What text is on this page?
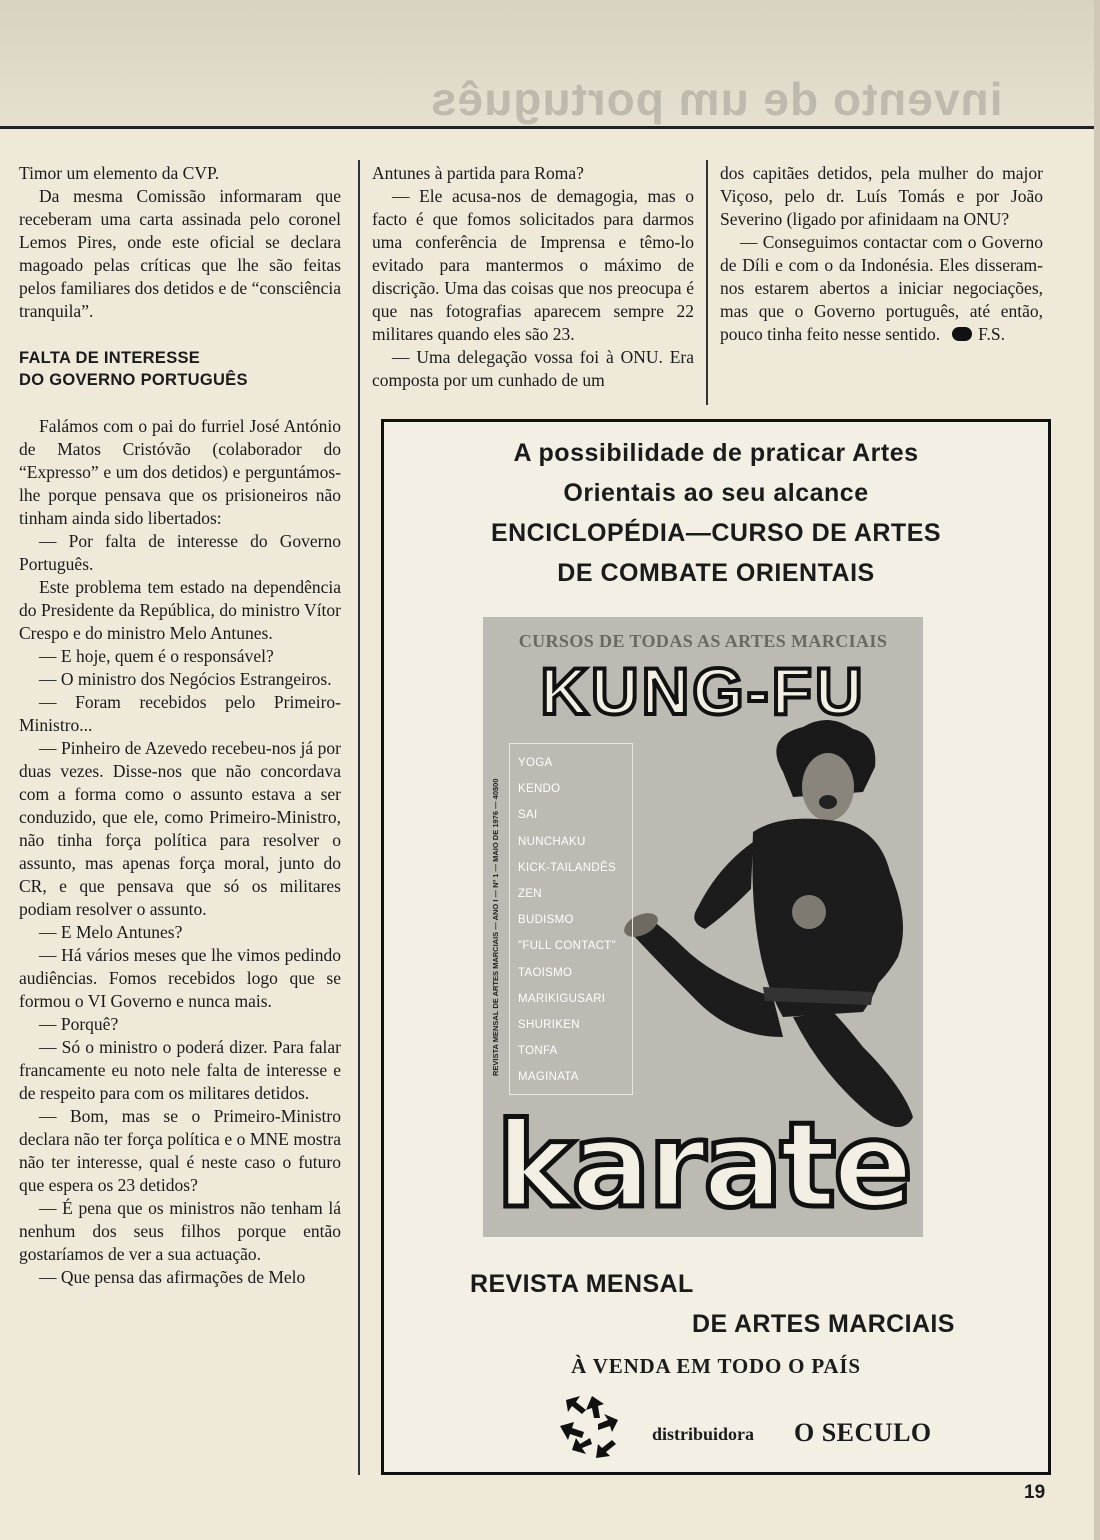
invento de um português

Timor um elemento da CVP.

Da mesma Comissão informaram que receberam uma carta assinada pelo coronel Lemos Pires, onde este oficial se declara magoado pelas críticas que lhe são feitas pelos familiares dos detidos e de “consciência tranquila”.

FALTA DE INTERESSE
DO GOVERNO PORTUGUÊS

Falámos com o pai do furriel José António de Matos Cristóvão (colaborador do “Expresso” e um dos detidos) e perguntámos-lhe porque pensava que os prisioneiros não tinham ainda sido libertados:

— Por falta de interesse do Governo Português.

Este problema tem estado na dependência do Presidente da República, do ministro Vítor Crespo e do ministro Melo Antunes.

— E hoje, quem é o responsável?

— O ministro dos Negócios Estrangeiros.

— Foram recebidos pelo Primeiro-Ministro...

— Pinheiro de Azevedo recebeu-nos já por duas vezes. Disse-nos que não concordava com a forma como o assunto estava a ser conduzido, que ele, como Primeiro-Ministro, não tinha força política para resolver o assunto, mas apenas força moral, junto do CR, e que pensava que só os militares podiam resolver o assunto.

— E Melo Antunes?

— Há vários meses que lhe vimos pedindo audiências. Fomos recebidos logo que se formou o VI Governo e nunca mais.

— Porquê?

— Só o ministro o poderá dizer. Para falar francamente eu noto nele falta de interesse e de respeito para com os militares detidos.

— Bom, mas se o Primeiro-Ministro declara não ter força política e o MNE mostra não ter interesse, qual é neste caso o futuro que espera os 23 detidos?

— É pena que os ministros não tenham lá nenhum dos seus filhos porque então gostaríamos de ver a sua actuação.

— Que pensa das afirmações de Melo

Antunes à partida para Roma?

— Ele acusa-nos de demagogia, mas o facto é que fomos solicitados para darmos uma conferência de Imprensa e têmo-lo evitado para mantermos o máximo de discrição. Uma das coisas que nos preocupa é que nas fotografias aparecem sempre 22 militares quando eles são 23.

— Uma delegação vossa foi à ONU. Era composta por um cunhado de um

dos capitães detidos, pela mulher do major Viçoso, pelo dr. Luís Tomás e por João Severino (ligado por afinidaam na ONU?

— Conseguimos contactar com o Governo de Díli e com o da Indonésia. Eles disseram-nos estarem abertos a iniciar negociações, mas que o Governo português, até então, pouco tinha feito nesse sentido. F.S.

A possibilidade de praticar Artes
Orientais ao seu alcance
ENCICLOPÉDIA—CURSO DE ARTES
DE COMBATE ORIENTAIS
CURSOS DE TODAS AS ARTES MARCIAIS
KUNG-FU
REVISTA MENSAL DE ARTES MARCIAIS — ANO I — Nº 1 — MAIO DE 1976 — 40$00
YOGA
KENDO
SAI
NUNCHAKU
KICK-TAILANDÊS
ZEN
BUDISMO
"FULL CONTACT"
TAOISMO
MARIKIGUSARI
SHURIKEN
TONFA
MAGINATA
karate
REVISTA MENSAL
DE ARTES MARCIAIS
À VENDA EM TODO O PAÍS
distribuidora O SECULO
19
